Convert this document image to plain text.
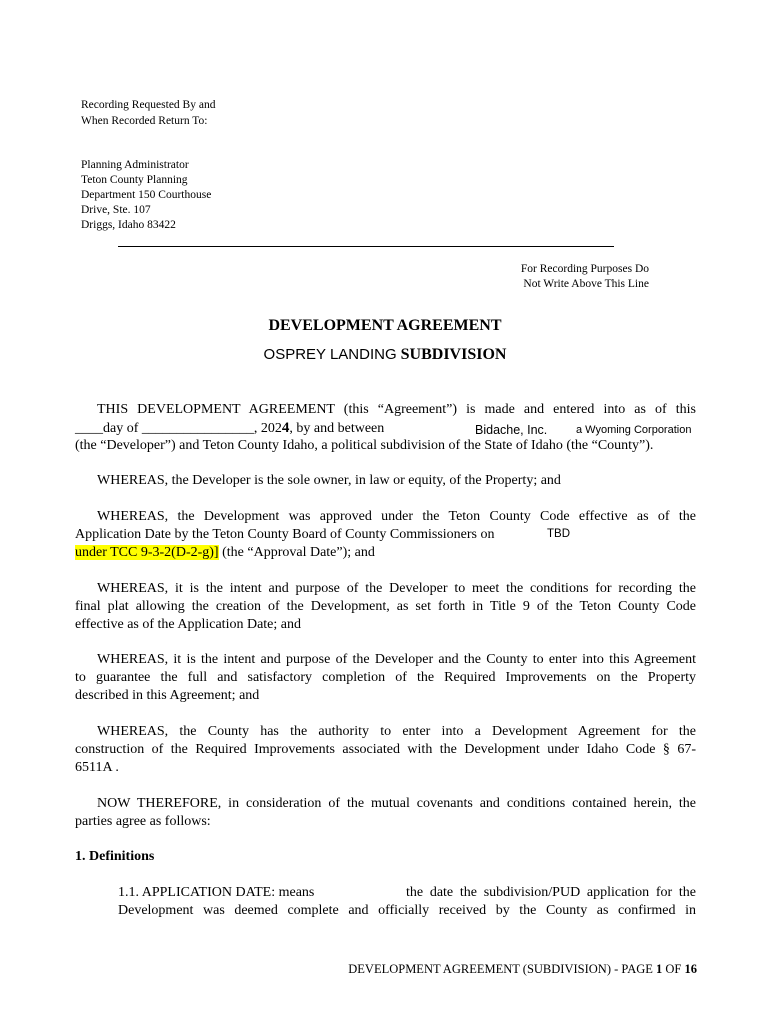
Recording Requested By and
When Recorded Return To:
Planning Administrator
Teton County Planning
Department 150 Courthouse
Drive, Ste. 107
Driggs, Idaho 83422
For Recording Purposes Do
Not Write Above This Line
DEVELOPMENT AGREEMENT
OSPREY LANDING SUBDIVISION
THIS DEVELOPMENT AGREEMENT (this “Agreement”) is made and entered into as of this
____day of ________________, 2024, by and between	Bidache, Inc.	a Wyoming Corporation
(the “Developer”) and Teton County Idaho, a political subdivision of the State of Idaho (the “County”).
WHEREAS, the Developer is the sole owner, in law or equity, of the Property; and
WHEREAS, the Development was approved under the Teton County Code effective as of the
Application Date by the Teton County Board of County Commissioners on	TBD
under TCC 9-3-2(D-2-g)] (the “Approval Date”); and
WHEREAS, it is the intent and purpose of the Developer to meet the conditions for recording the
final plat allowing the creation of the Development, as set forth in Title 9 of the Teton County Code
effective as of the Application Date; and
WHEREAS, it is the intent and purpose of the Developer and the County to enter into this Agreement
to guarantee the full and satisfactory completion of the Required Improvements on the Property
described in this Agreement; and
WHEREAS, the County has the authority to enter into a Development Agreement for the
construction of the Required Improvements associated with the Development under Idaho Code § 67-
6511A .
NOW THEREFORE, in consideration of the mutual covenants and conditions contained herein, the
parties agree as follows:
1. Definitions
1.1. APPLICATION DATE: means	the date the subdivision/PUD application for the
Development was deemed complete and officially received by the County as confirmed in
DEVELOPMENT AGREEMENT (SUBDIVISION) - PAGE 1 OF 16
